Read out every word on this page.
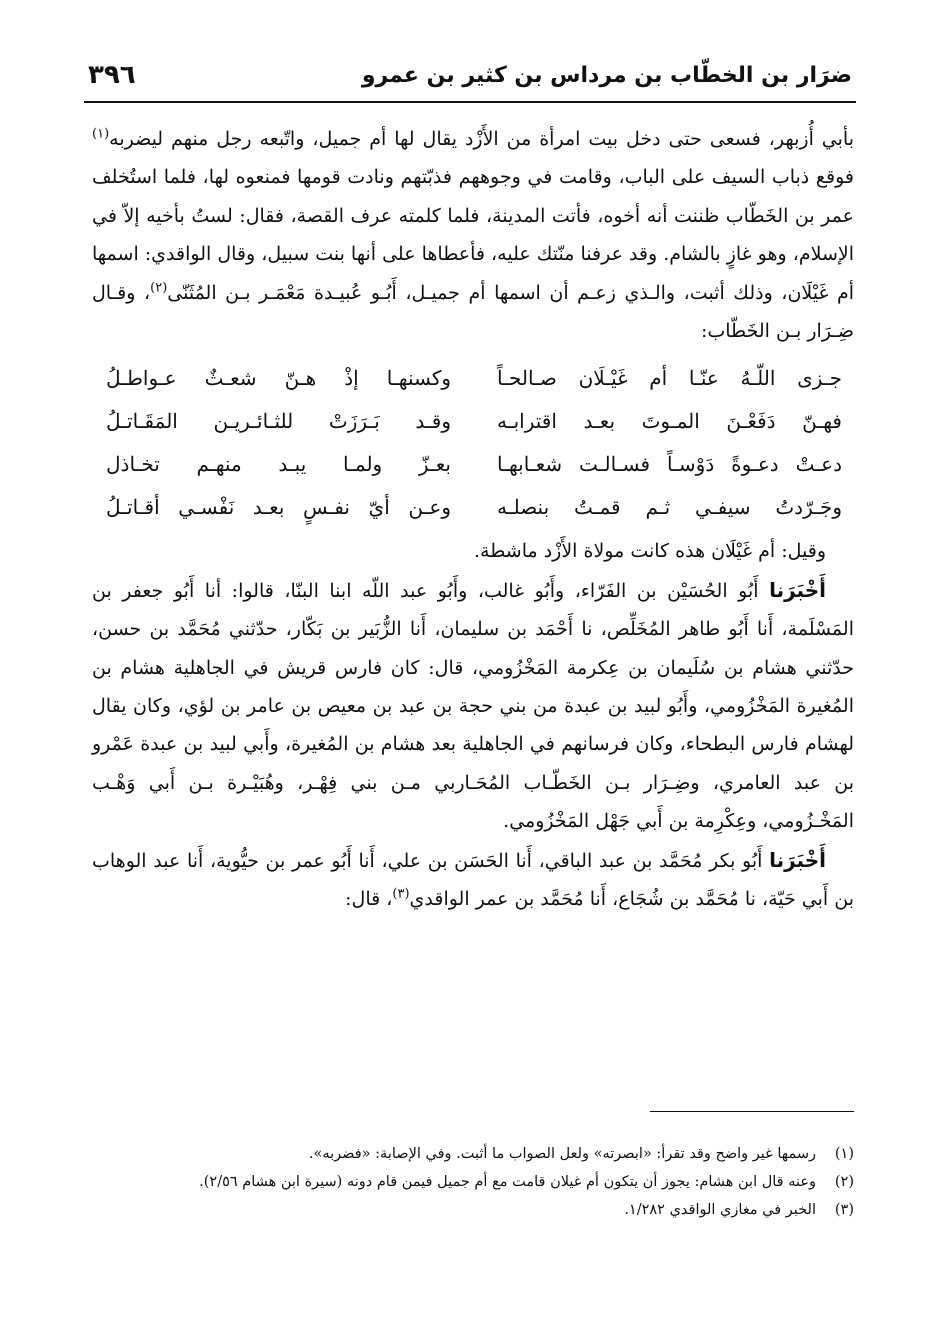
ضرَار بن الخطّاب بن مرداس بن كثير بن عمرو
٣٩٦

بأبي أُزبهر، فسعى حتى دخل بيت امرأة من الأَزْد يقال لها أم جميل، واتّبعه رجل منهم ليضربه$^{(١)}$ فوقع ذباب السيف على الباب، وقامت في وجوههم فذبّتهم ونادت قومها فمنعوه لها، فلما استُخلف عمر بن الخَطّاب ظننت أنه أخوه، فأتت المدينة، فلما كلمته عرف القصة، فقال: لستُ بأخيه إلاّ في الإسلام، وهو غازٍ بالشام. وقد عرفنا منّتك عليه، فأعطاها على أنها بنت سبيل، وقال الواقدي: اسمها أم غَيْلَان، وذلك أثبت، والـذي زعـم أن اسمها أم جميـل، أَبُـو عُبيـدة مَعْمَـر بـن المُثَنّى$^{(٢)}$، وقـال ضِـرَار بـن الخَطّاب:

جـزى اللّـهُ عنّـا أم غَيْـلَان صـالحـاً
وكسنهـا إذْ هـنّ شعـثٌ عـواطـلُ
فهـنّ دَفَعْـنَ المـوتَ بعـد اقترابـه
وقـد بَـرَزَتْ للثـائـريـن المَقَـاتـلُ
دعـتْ دعـوةً دَوْسـاً فسـالـت شعـابهـا
بعـزّ ولمـا يبـد منهـم تخـاذل
وجَـرّدتُ سيفـي ثـم قمـتُ بنصلـه
وعـن أيّ نفـسٍ بعـد نَفْسـي أقـاتـلُ

وقيل: أم غَيْلَان هذه كانت مولاة الأَزْد ماشطة.

أَخْبَرَنا أَبُو الحُسَيْن بن الفَرّاء، وأَبُو غالب، وأَبُو عبد اللّه ابنا البنّا، قالوا: أنا أَبُو جعفر بن المَسْلَمة، أَنا أَبُو طاهر المُخَلِّص، نا أَحْمَد بن سليمان، أَنا الزُّبَير بن بَكّار، حدّثني مُحَمَّد بن حسن، حدّثني هشام بن سُلَيمان بن عِكرمة المَخْزُومي، قال: كان فارس قريش في الجاهلية هشام بن المُغيرة المَخْزُومي، وأَبُو لبيد بن عبدة من بني حجة بن عبد بن معيص بن عامر بن لؤي، وكان يقال لهشام فارس البطحاء، وكان فرسانهم في الجاهلية بعد هشام بن المُغيرة، وأَبي لبيد بن عبدة عَمْرو بن عبد العامري، وضِـرَار بـن الخَطّـاب المُحَـاربي مـن بني فِهْـر، وهُبَيْـرة بـن أَبي وَهْـب المَخْـزُومي، وعِكْرِمة بن أَبي جَهْل المَخْزُومي.

أَخْبَرَنا أَبُو بكر مُحَمَّد بن عبد الباقي، أَنا الحَسَن بن علي، أَنا أَبُو عمر بن حيُّوية، أَنا عبد الوهاب بن أَبي حَيّة، نا مُحَمَّد بن شُجَاع، أَنا مُحَمَّد بن عمر الواقدي$^{(٣)}$، قال:

(١)
رسمها غير واضح وقد تقرأ: «ابصرته» ولعل الصواب ما أثبت. وفي الإصابة: «فضربه».
(٢)
وعنه قال ابن هشام: يجوز أن يتكون أم غيلان قامت مع أم جميل فيمن قام دونه (سيرة ابن هشام ٢/٥٦).
(٣)
الخبر في مغازي الواقدي ١/٢٨٢.
